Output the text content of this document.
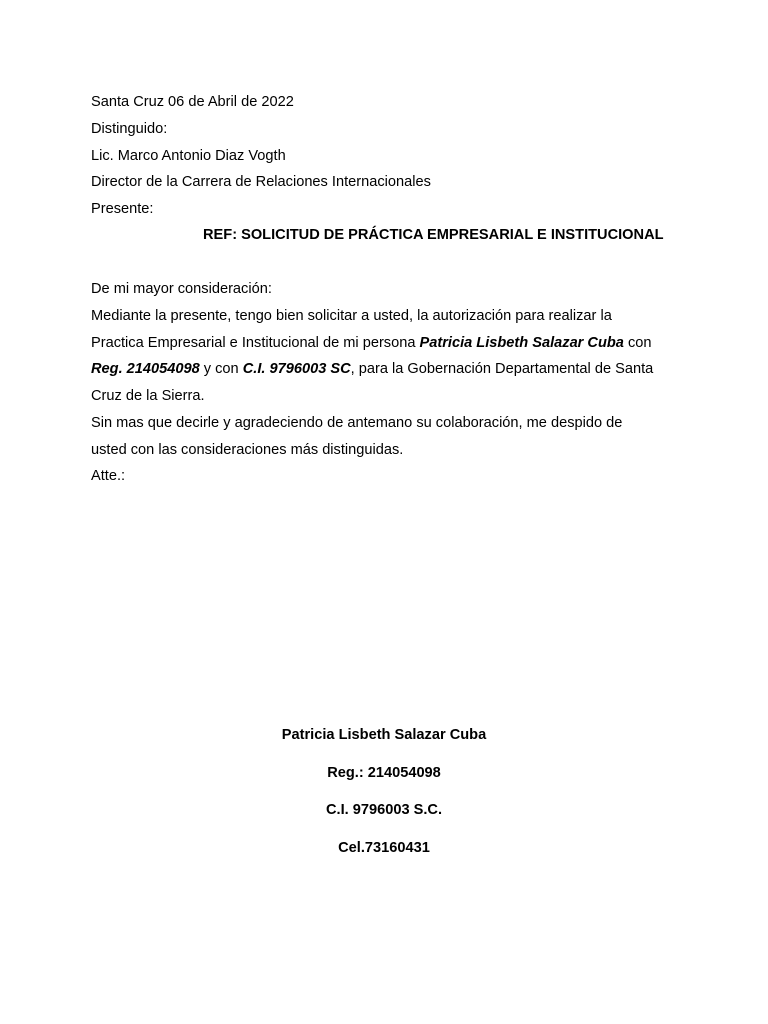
Santa Cruz 06 de Abril de 2022
Distinguido:
Lic. Marco Antonio Diaz Vogth
Director de la Carrera de Relaciones Internacionales
Presente:
REF: SOLICITUD DE PRÁCTICA EMPRESARIAL E INSTITUCIONAL
De mi mayor consideración:
Mediante la presente, tengo bien solicitar a usted, la autorización para realizar la
Practica Empresarial e Institucional de mi persona Patricia Lisbeth Salazar Cuba con
Reg. 214054098 y con C.I. 9796003 SC, para la Gobernación Departamental de Santa
Cruz de la Sierra.
Sin mas que decirle y agradeciendo de antemano su colaboración, me despido de
usted con las consideraciones más distinguidas.
Atte.:
Patricia Lisbeth Salazar Cuba
Reg.: 214054098
C.I. 9796003 S.C.
Cel.73160431
